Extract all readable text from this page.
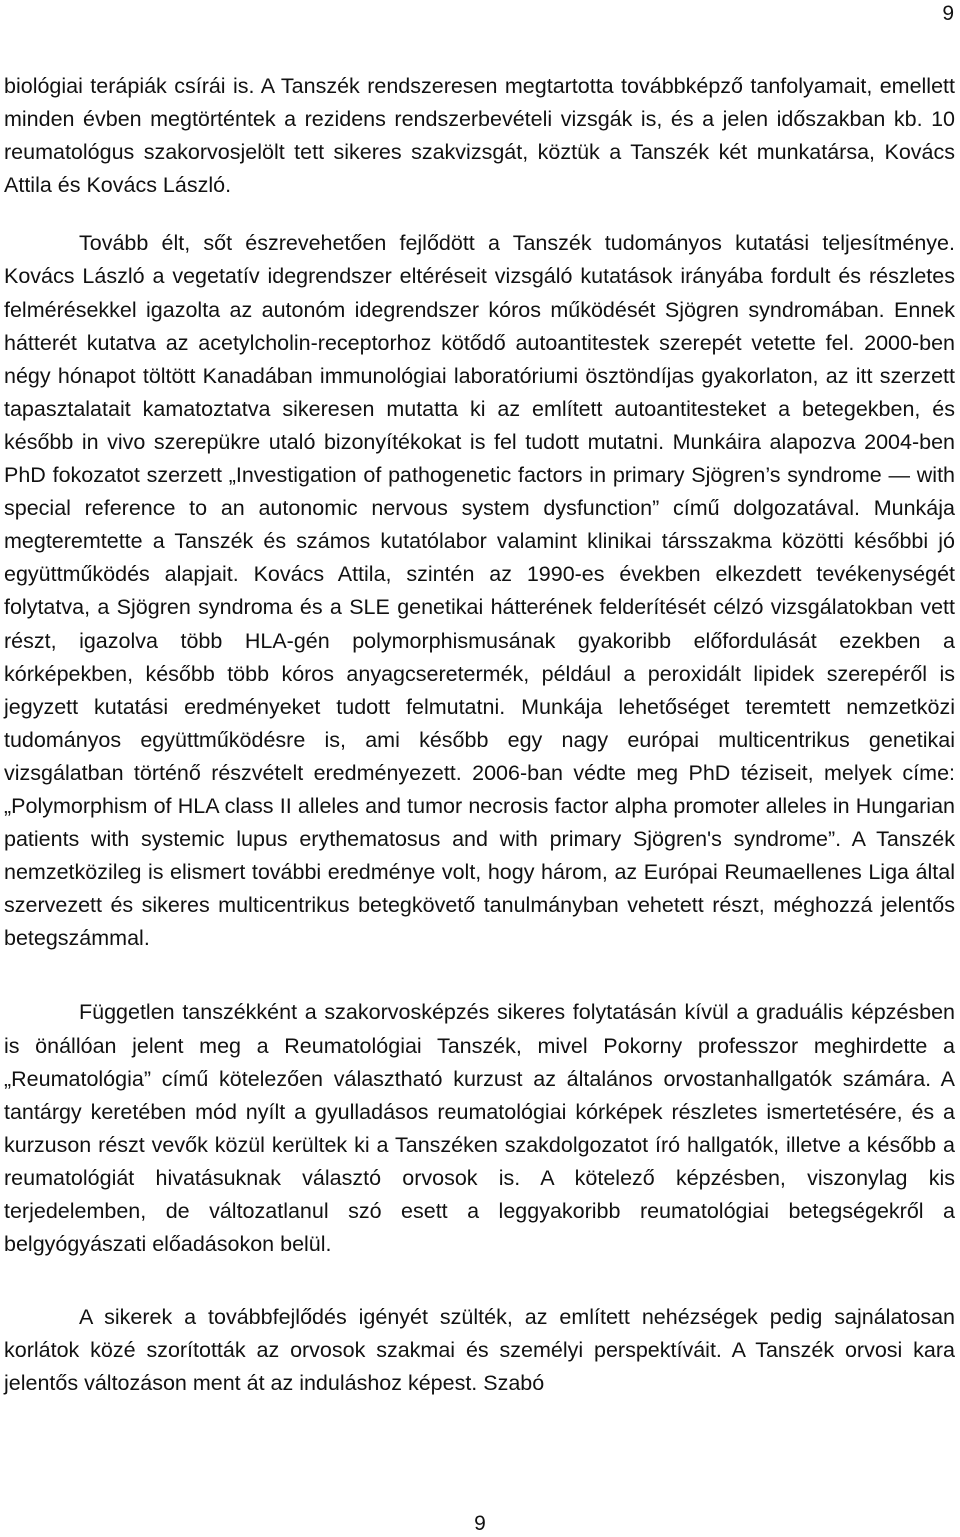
9

biológiai terápiák csírái is. A Tanszék rendszeresen megtartotta továbbképző tanfolyamait, emellett minden évben megtörténtek a rezidens rendszerbevételi vizsgák is, és a jelen időszakban kb. 10 reumatológus szakorvosjelölt tett sikeres szakvizsgát, köztük a Tanszék két munkatársa, Kovács Attila és Kovács László.

Tovább élt, sőt észrevehetően fejlődött a Tanszék tudományos kutatási teljesítménye. Kovács László a vegetatív idegrendszer eltéréseit vizsgáló kutatások irányába fordult és részletes felmérésekkel igazolta az autonóm idegrendszer kóros működését Sjögren syndromában. Ennek hátterét kutatva az acetylcholin-receptorhoz kötődő autoantitestek szerepét vetette fel. 2000-ben négy hónapot töltött Kanadában immunológiai laboratóriumi ösztöndíjas gyakorlaton, az itt szerzett tapasztalatait kamatoztatva sikeresen mutatta ki az említett autoantitesteket a betegekben, és később in vivo szerepükre utaló bizonyítékokat is fel tudott mutatni. Munkáira alapozva 2004-ben PhD fokozatot szerzett „Investigation of pathogenetic factors in primary Sjögren’s syndrome — with special reference to an autonomic nervous system dysfunction” című dolgozatával. Munkája megteremtette a Tanszék és számos kutatólabor valamint klinikai társszakma közötti későbbi jó együttműködés alapjait. Kovács Attila, szintén az 1990-es években elkezdett tevékenységét folytatva, a Sjögren syndroma és a SLE genetikai hátterének felderítését célzó vizsgálatokban vett részt, igazolva több HLA-gén polymorphismusának gyakoribb előfordulását ezekben a kórképekben, később több kóros anyagcseretermék, például a peroxidált lipidek szerepéről is jegyzett kutatási eredményeket tudott felmutatni. Munkája lehetőséget teremtett nemzetközi tudományos együttműködésre is, ami később egy nagy európai multicentrikus genetikai vizsgálatban történő részvételt eredményezett. 2006-ban védte meg PhD téziseit, melyek címe: „Polymorphism of HLA class II alleles and tumor necrosis factor alpha promoter alleles in Hungarian patients with systemic lupus erythematosus and with primary Sjögren's syndrome”. A Tanszék nemzetközileg is elismert további eredménye volt, hogy három, az Európai Reumaellenes Liga által szervezett és sikeres multicentrikus betegkövető tanulmányban vehetett részt, méghozzá jelentős betegszámmal.

Független tanszékként a szakorvosképzés sikeres folytatásán kívül a graduális képzésben is önállóan jelent meg a Reumatológiai Tanszék, mivel Pokorny professzor meghirdette a „Reumatológia” című kötelezően választható kurzust az általános orvostanhallgatók számára. A tantárgy keretében mód nyílt a gyulladásos reumatológiai kórképek részletes ismertetésére, és a kurzuson részt vevők közül kerültek ki a Tanszéken szakdolgozatot író hallgatók, illetve a később a reumatológiát hivatásuknak választó orvosok is. A kötelező képzésben, viszonylag kis terjedelemben, de változatlanul szó esett a leggyakoribb reumatológiai betegségekről a belgyógyászati előadásokon belül.

A sikerek a továbbfejlődés igényét szülték, az említett nehézségek pedig sajnálatosan korlátok közé szorították az orvosok szakmai és személyi perspektíváit. A Tanszék orvosi kara jelentős változáson ment át az induláshoz képest. Szabó

9
